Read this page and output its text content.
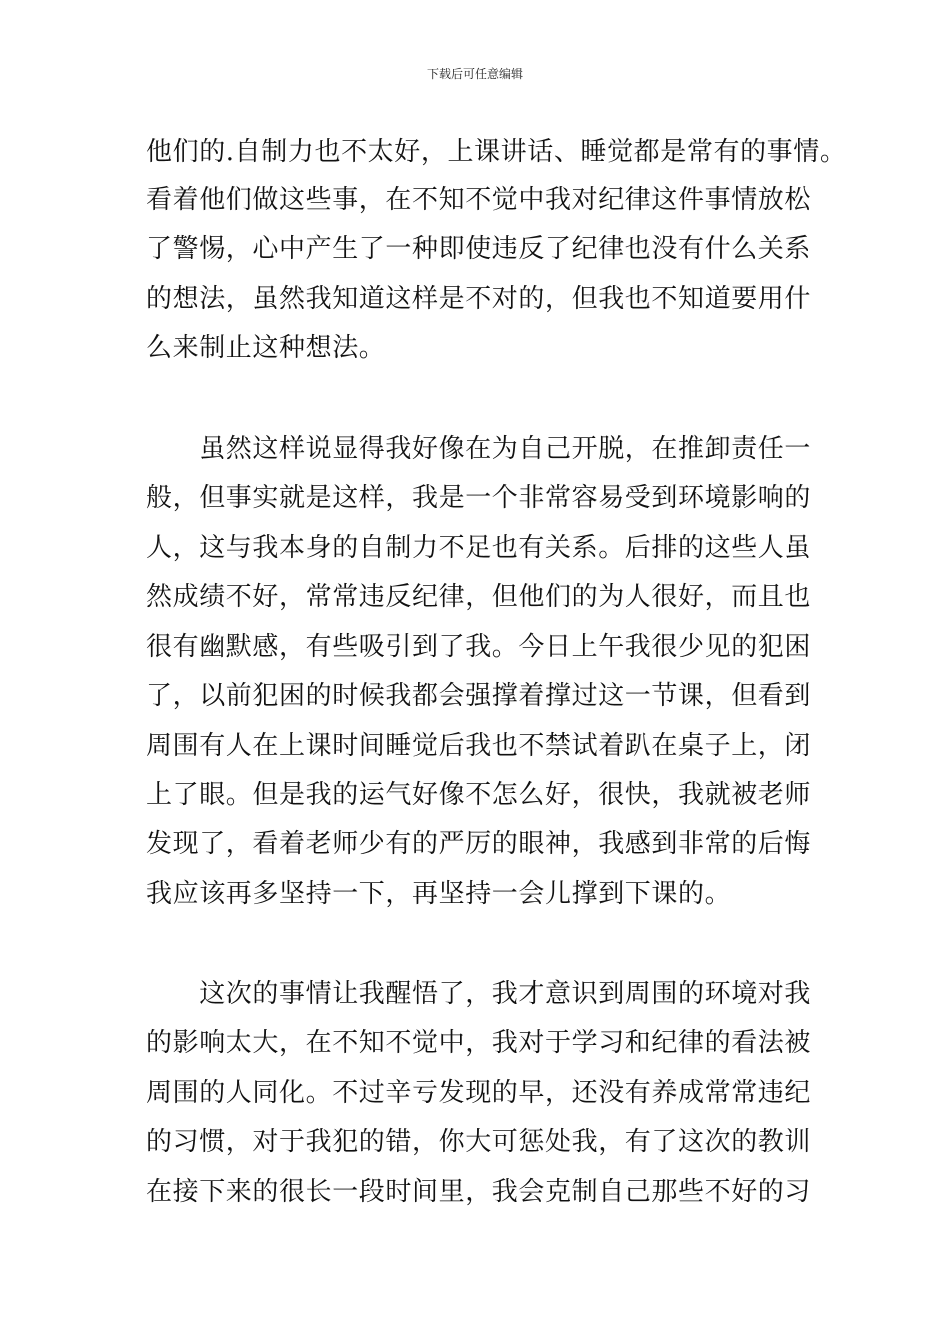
下载后可任意编辑
他们的.自制力也不太好，上课讲话、睡觉都是常有的事情。
看着他们做这些事，在不知不觉中我对纪律这件事情放松
了警惕，心中产生了一种即使违反了纪律也没有什么关系
的想法，虽然我知道这样是不对的，但我也不知道要用什
么来制止这种想法。
　　虽然这样说显得我好像在为自己开脱，在推卸责任一
般，但事实就是这样，我是一个非常容易受到环境影响的
人，这与我本身的自制力不足也有关系。后排的这些人虽
然成绩不好，常常违反纪律，但他们的为人很好，而且也
很有幽默感，有些吸引到了我。今日上午我很少见的犯困
了，以前犯困的时候我都会强撑着撑过这一节课，但看到
周围有人在上课时间睡觉后我也不禁试着趴在桌子上，闭
上了眼。但是我的运气好像不怎么好，很快，我就被老师
发现了，看着老师少有的严厉的眼神，我感到非常的后悔
我应该再多坚持一下，再坚持一会儿撑到下课的。
　　这次的事情让我醒悟了，我才意识到周围的环境对我
的影响太大，在不知不觉中，我对于学习和纪律的看法被
周围的人同化。不过辛亏发现的早，还没有养成常常违纪
的习惯，对于我犯的错，你大可惩处我，有了这次的教训
在接下来的很长一段时间里，我会克制自己那些不好的习
